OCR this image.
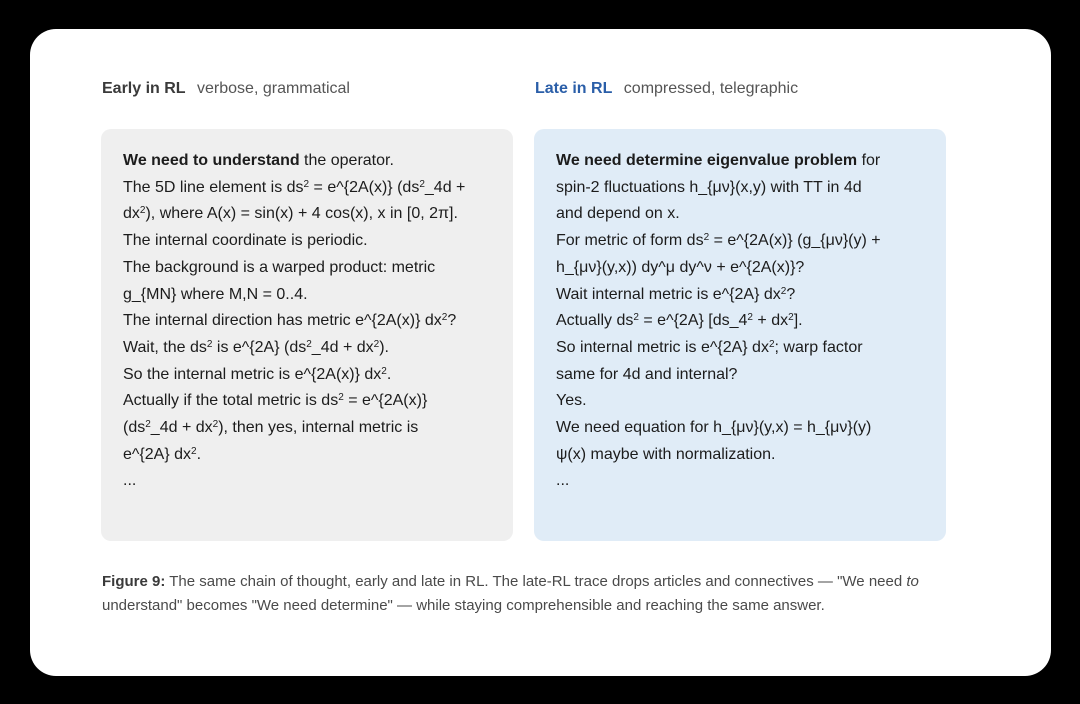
Early in RL verbose, grammatical	Late in RL compressed, telegraphic
We need to understand the operator.
The 5D line element is $ds^2$ = e^{2A(x)} ($ds^2\_4d$ +
$dx^2$), where A(x) = sin(x) + 4 cos(x), x in [0, 2π].
The internal coordinate is periodic.
The background is a warped product: metric
g_{MN} where M,N = 0..4.
The internal direction has metric e^{2A(x)} $dx^2$?
Wait, the $ds^2$ is e^{2A} $(ds^2\_4d + dx^2)$.
So the internal metric is e^{2A(x)} $dx^2$.
Actually if the total metric is $ds^2$ = e^{2A(x)}
$(ds^2\_4d + dx^2)$, then yes, internal metric is
e^{2A} $dx^2$.
...
We need determine eigenvalue problem for
spin-2 fluctuations h_{μν}(x,y) with TT in 4d
and depend on x.
For metric of form $ds^2$ = e^{2A(x)} (g_{μν}(y) +
h_{μν}(y,x)) dy^μ dy^ν + e^{2A(x)}?
Wait internal metric is e^{2A} $dx^2$?
Actually $ds^2$ = e^{2A} $[ds\_4^2 + dx^2]$.
So internal metric is e^{2A} $dx^2$; warp factor
same for 4d and internal?
Yes.
We need equation for h_{μν}(y,x) = h_{μν}(y)
ψ(x) maybe with normalization.
...
Figure 9: The same chain of thought, early and late in RL. The late-RL trace drops articles and connectives — "We need to understand" becomes "We need determine" — while staying comprehensible and reaching the same answer.
